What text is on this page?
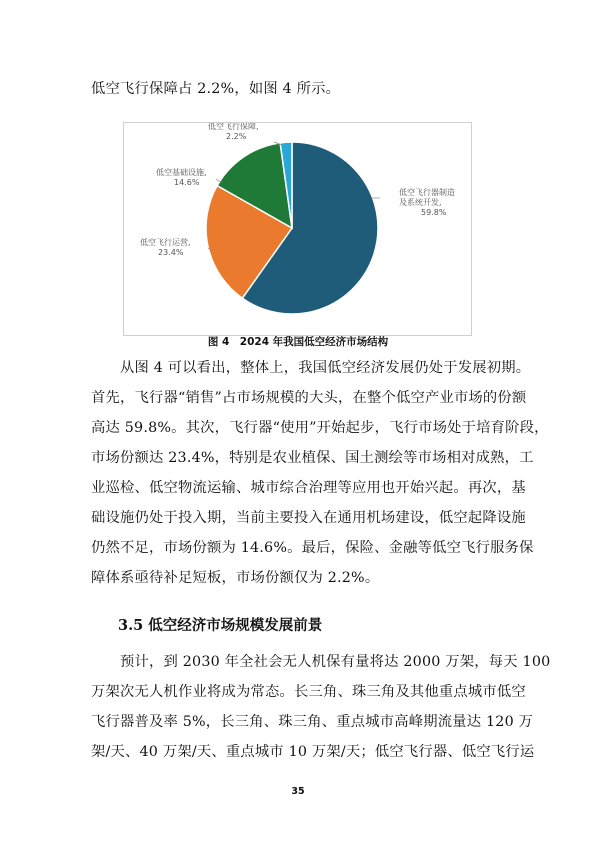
低空飞行保障占 2.2%，如图 4 所示。
低空飞行器制造
及系统开发,
59.8%
低空飞行运营,
23.4%
低空基础设施,
14.6%
低空飞行保障,
2.2%
图 4　2024 年我国低空经济市场结构
　　从图 4 可以看出，整体上，我国低空经济发展仍处于发展初期。
首先，飞行器“销售”占市场规模的大头，在整个低空产业市场的份额
高达 59.8%。其次，飞行器“使用”开始起步，飞行市场处于培育阶段，
市场份额达 23.4%，特别是农业植保、国土测绘等市场相对成熟，工
业巡检、低空物流运输、城市综合治理等应用也开始兴起。再次，基
础设施仍处于投入期，当前主要投入在通用机场建设，低空起降设施
仍然不足，市场份额为 14.6%。最后，保险、金融等低空飞行服务保
障体系亟待补足短板，市场份额仅为 2.2%。
3.5 低空经济市场规模发展前景
　　预计，到 2030 年全社会无人机保有量将达 2000 万架，每天 100
万架次无人机作业将成为常态。长三角、珠三角及其他重点城市低空
飞行器普及率 5%，长三角、珠三角、重点城市高峰期流量达 120 万
架/天、40 万架/天、重点城市 10 万架/天；低空飞行器、低空飞行运
35
